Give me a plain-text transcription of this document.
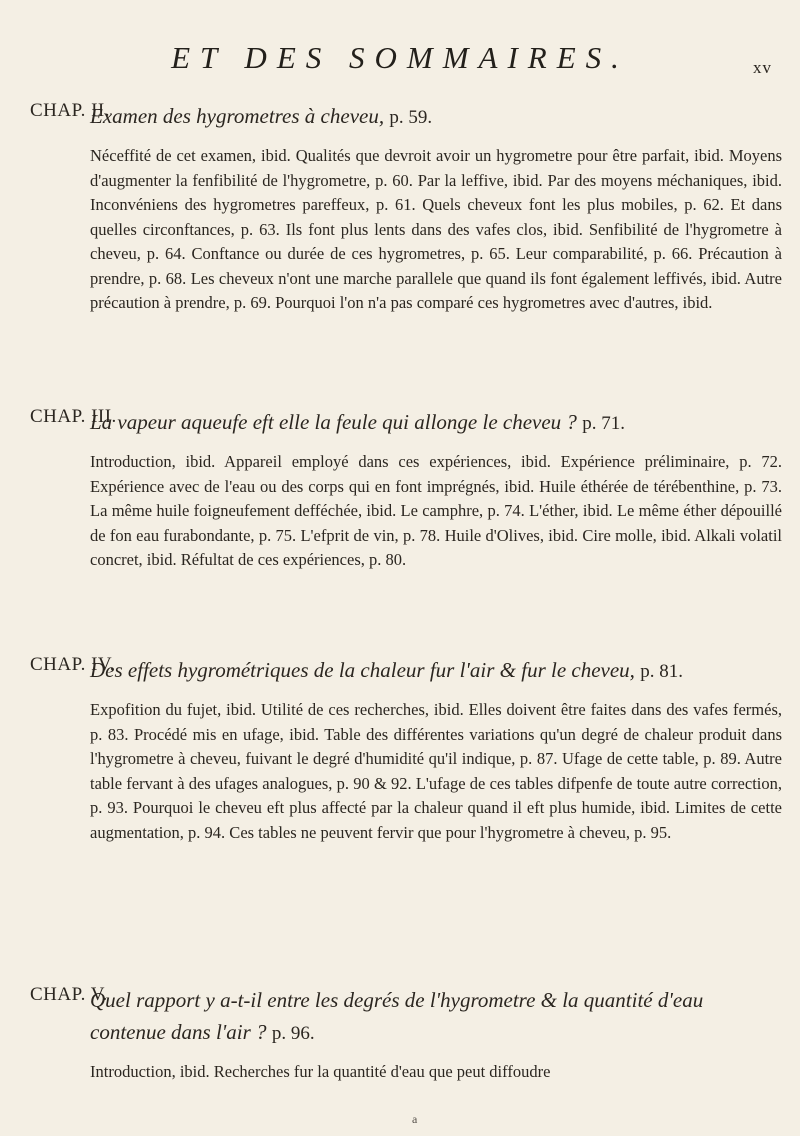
ET DES SOMMAIRES.	xv
CHAP. II.
Examen des hygrometres à cheveu, p. 59.

Néceffité de cet examen, ibid. Qualités que devroit avoir un hygrometre pour être parfait, ibid. Moyens d'augmenter la fenfibilité de l'hygrometre, p. 60. Par la leffive, ibid. Par des moyens méchaniques, ibid. Inconvéniens des hygrometres pareffeux, p. 61. Quels cheveux font les plus mobiles, p. 62. Et dans quelles circonftances, p. 63. Ils font plus lents dans des vafes clos, ibid. Senfibilité de l'hygrometre à cheveu, p. 64. Conftance ou durée de ces hygrometres, p. 65. Leur comparabilité, p. 66. Précaution à prendre, p. 68. Les cheveux n'ont une marche parallele que quand ils font également leffivés, ibid. Autre précaution à prendre, p. 69. Pourquoi l'on n'a pas comparé ces hygrometres avec d'autres, ibid.

CHAP. III.
La vapeur aqueufe eft elle la feule qui allonge le cheveu ? p. 71.

Introduction, ibid. Appareil employé dans ces expériences, ibid. Expérience préliminaire, p. 72. Expérience avec de l'eau ou des corps qui en font imprégnés, ibid. Huile éthérée de térébenthine, p. 73. La même huile foigneufement defféchée, ibid. Le camphre, p. 74. L'éther, ibid. Le même éther dépouillé de fon eau furabondante, p. 75. L'efprit de vin, p. 78. Huile d'Olives, ibid. Cire molle, ibid. Alkali volatil concret, ibid. Réfultat de ces expériences, p. 80.

CHAP. IV.
Des effets hygrométriques de la chaleur fur l'air & fur le cheveu, p. 81.

Expofition du fujet, ibid. Utilité de ces recherches, ibid. Elles doivent être faites dans des vafes fermés, p. 83. Procédé mis en ufage, ibid. Table des différentes variations qu'un degré de chaleur produit dans l'hygrometre à cheveu, fuivant le degré d'humidité qu'il indique, p. 87. Ufage de cette table, p. 89. Autre table fervant à des ufages analogues, p. 90 & 92. L'ufage de ces tables difpenfe de toute autre correction, p. 93. Pourquoi le cheveu eft plus affecté par la chaleur quand il eft plus humide, ibid. Limites de cette augmentation, p. 94. Ces tables ne peuvent fervir que pour l'hygrometre à cheveu, p. 95.

CHAP. V.
Quel rapport y a-t-il entre les degrés de l'hygrometre & la quantité d'eau contenue dans l'air ? p. 96.

Introduction, ibid. Recherches fur la quantité d'eau que peut diffoudre

a
